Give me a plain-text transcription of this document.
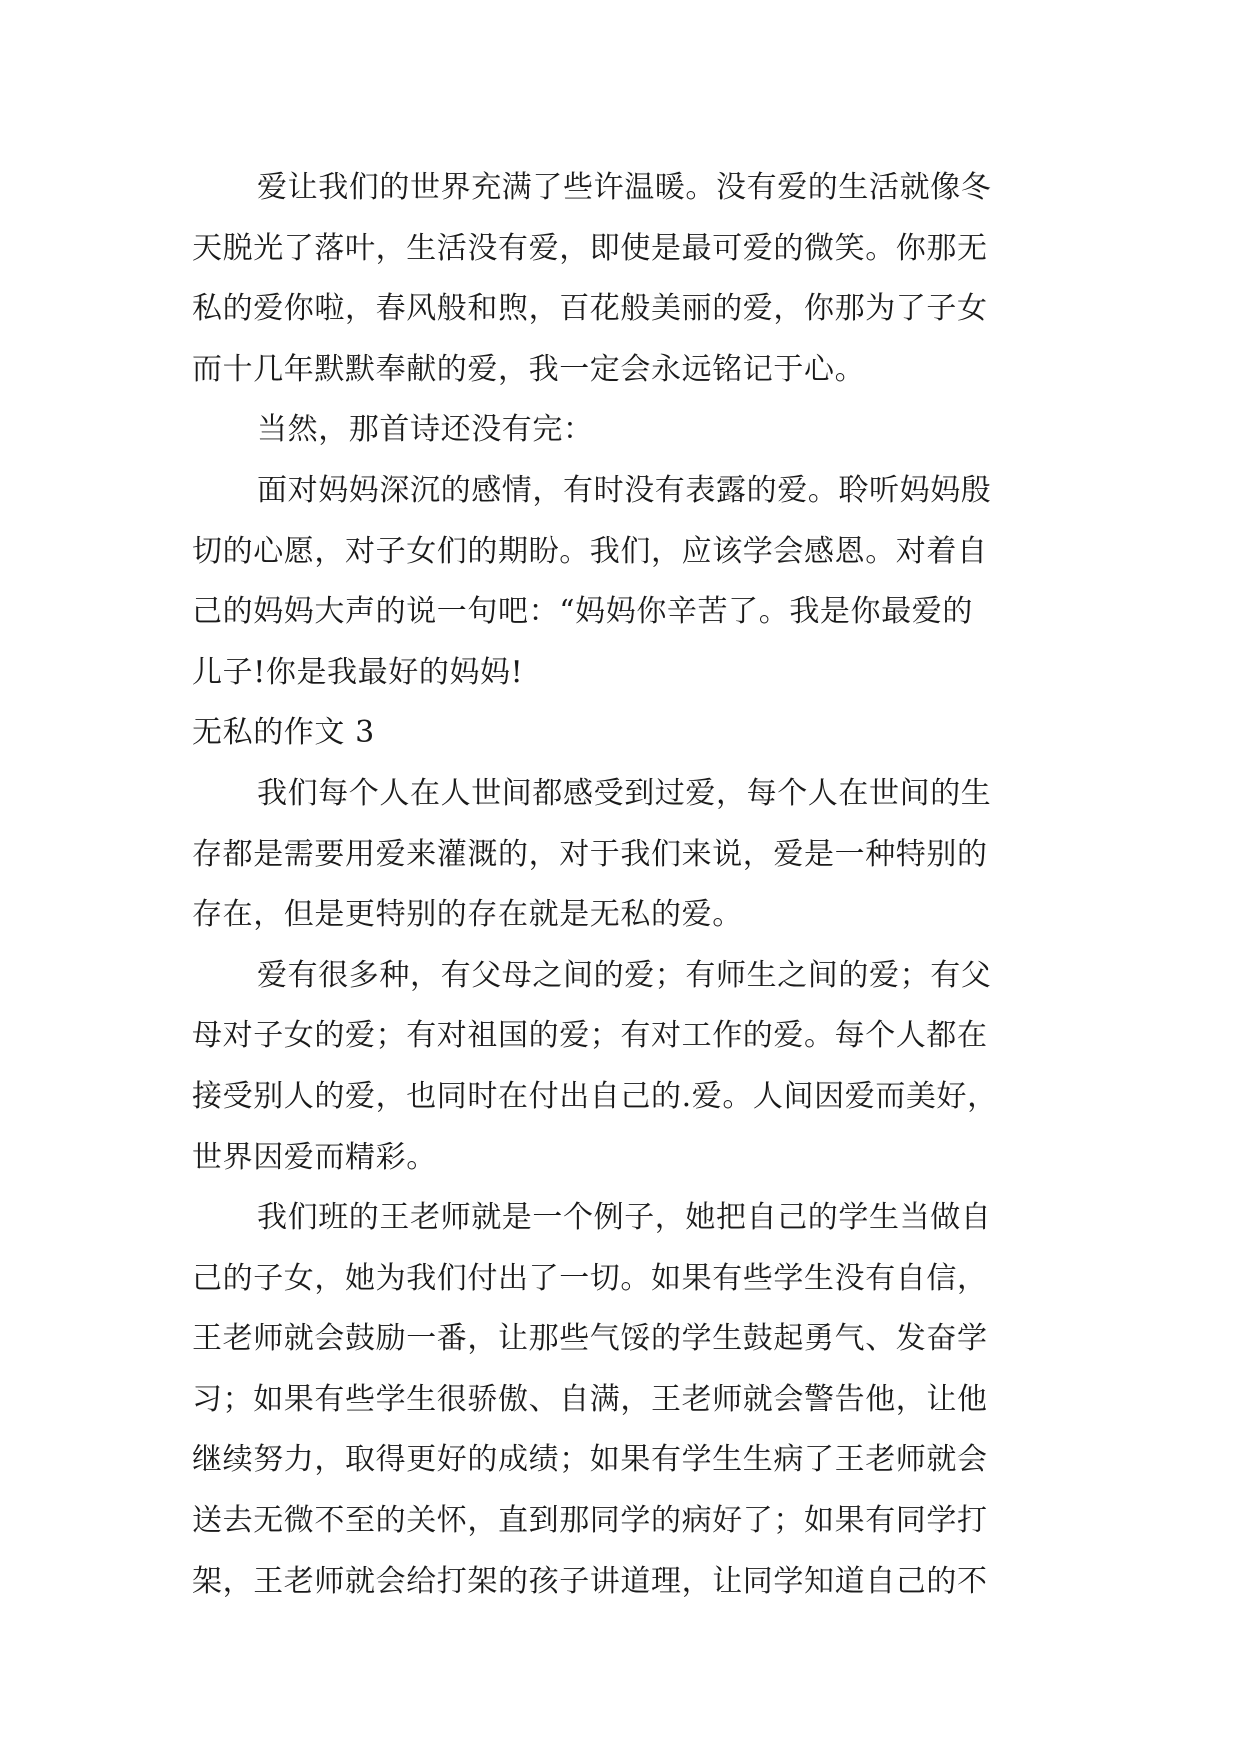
爱让我们的世界充满了些许温暖。没有爱的生活就像冬
天脱光了落叶，生活没有爱，即使是最可爱的微笑。你那无
私的爱你啦，春风般和煦，百花般美丽的爱，你那为了子女
而十几年默默奉献的爱，我一定会永远铭记于心。
当然，那首诗还没有完：
面对妈妈深沉的感情，有时没有表露的爱。聆听妈妈殷
切的心愿，对子女们的期盼。我们，应该学会感恩。对着自
己的妈妈大声的说一句吧：“妈妈你辛苦了。我是你最爱的
儿子!你是我最好的妈妈!
无私的作文 3
我们每个人在人世间都感受到过爱，每个人在世间的生
存都是需要用爱来灌溉的，对于我们来说，爱是一种特别的
存在，但是更特别的存在就是无私的爱。
爱有很多种，有父母之间的爱；有师生之间的爱；有父
母对子女的爱；有对祖国的爱；有对工作的爱。每个人都在
接受别人的爱，也同时在付出自己的.爱。人间因爱而美好，
世界因爱而精彩。
我们班的王老师就是一个例子，她把自己的学生当做自
己的子女，她为我们付出了一切。如果有些学生没有自信，
王老师就会鼓励一番，让那些气馁的学生鼓起勇气、发奋学
习；如果有些学生很骄傲、自满，王老师就会警告他，让他
继续努力，取得更好的成绩；如果有学生生病了王老师就会
送去无微不至的关怀，直到那同学的病好了；如果有同学打
架，王老师就会给打架的孩子讲道理，让同学知道自己的不
